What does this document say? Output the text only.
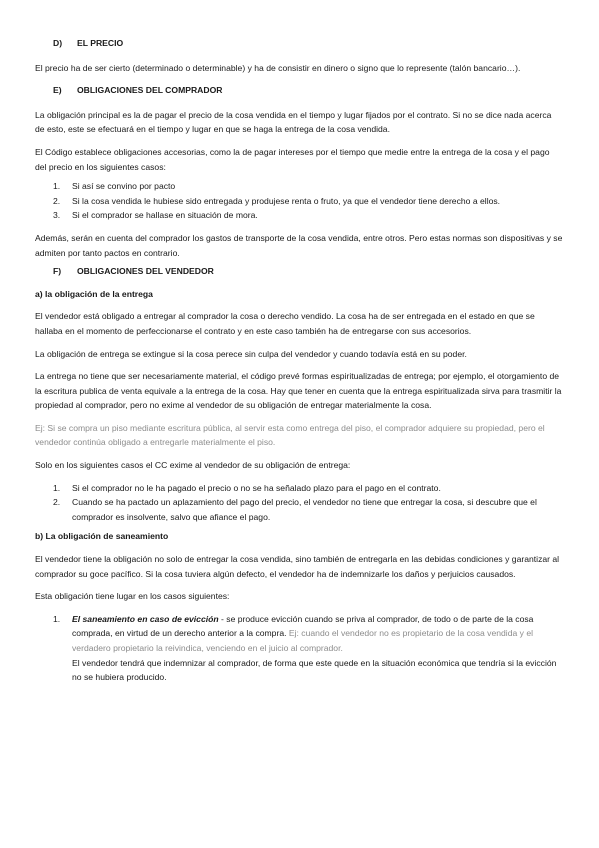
D) EL PRECIO

El precio ha de ser cierto (determinado o determinable) y ha de consistir en dinero o signo que lo represente (talón bancario…).

E) OBLIGACIONES DEL COMPRADOR

La obligación principal es la de pagar el precio de la cosa vendida en el tiempo y lugar fijados por el contrato. Si no se dice nada acerca de esto, este se efectuará en el tiempo y lugar en que se haga la entrega de la cosa vendida.

El Código establece obligaciones accesorias, como la de pagar intereses por el tiempo que medie entre la entrega de la cosa y el pago del precio en los siguientes casos:

1. Si así se convino por pacto
2. Si la cosa vendida le hubiese sido entregada y produjese renta o fruto, ya que el vendedor tiene derecho a ellos.
3. Si el comprador se hallase en situación de mora.

Además, serán en cuenta del comprador los gastos de transporte de la cosa vendida, entre otros. Pero estas normas son dispositivas y se admiten por tanto pactos en contrario.

F) OBLIGACIONES DEL VENDEDOR

a) la obligación de la entrega

El vendedor está obligado a entregar al comprador la cosa o derecho vendido. La cosa ha de ser entregada en el estado en que se hallaba en el momento de perfeccionarse el contrato y en este caso también ha de entregarse con sus accesorios.

La obligación de entrega se extingue si la cosa perece sin culpa del vendedor y cuando todavía está en su poder.

La entrega no tiene que ser necesariamente material, el código prevé formas espiritualizadas de entrega; por ejemplo, el otorgamiento de la escritura publica de venta equivale a la entrega de la cosa. Hay que tener en cuenta que la entrega espiritualizada sirva para trasmitir la propiedad al comprador, pero no exime al vendedor de su obligación de entregar materialmente la cosa.

Ej: Si se compra un piso mediante escritura pública, al servir esta como entrega del piso, el comprador adquiere su propiedad, pero el vendedor continúa obligado a entregarle materialmente el piso.

Solo en los siguientes casos el CC exime al vendedor de su obligación de entrega:

1. Si el comprador no le ha pagado el precio o no se ha señalado plazo para el pago en el contrato.
2. Cuando se ha pactado un aplazamiento del pago del precio, el vendedor no tiene que entregar la cosa, si descubre que el comprador es insolvente, salvo que afiance el pago.

b) La obligación de saneamiento

El vendedor tiene la obligación no solo de entregar la cosa vendida, sino también de entregarla en las debidas condiciones y garantizar al comprador su goce pacífico. Si la cosa tuviera algún defecto, el vendedor ha de indemnizarle los daños y perjuicios causados.

Esta obligación tiene lugar en los casos siguientes:

1. El saneamiento en caso de evicción - se produce evicción cuando se priva al comprador, de todo o de parte de la cosa comprada, en virtud de un derecho anterior a la compra. Ej: cuando el vendedor no es propietario de la cosa vendida y el verdadero propietario la reivindica, venciendo en el juicio al comprador.
El vendedor tendrá que indemnizar al comprador, de forma que este quede en la situación económica que tendría si la evicción no se hubiera producido.
